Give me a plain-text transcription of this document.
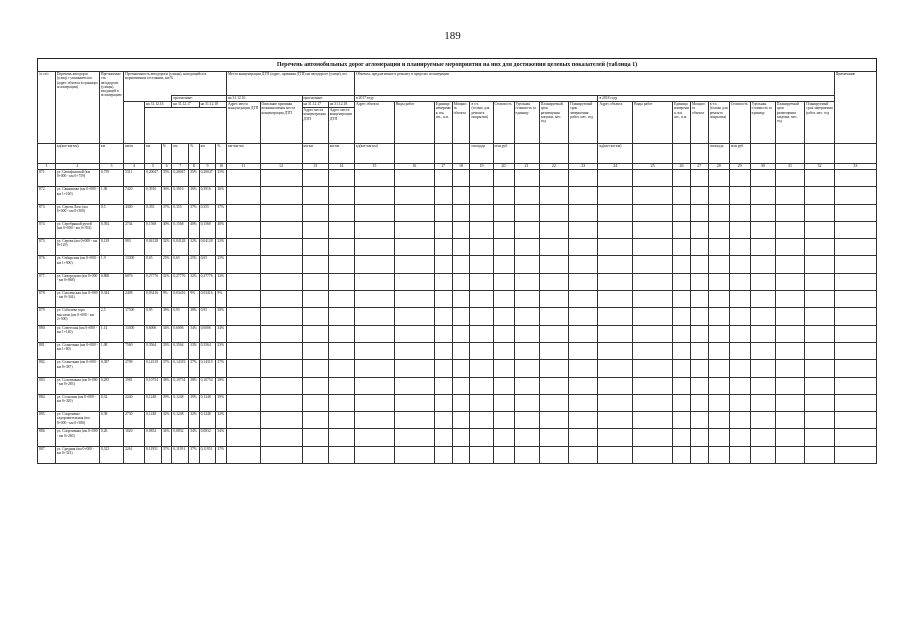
189
Перечень автомобильных дорог агломерации и планируемые мероприятия на них для достижения целевых показателей (таблица 1)
№ п/п	Перечень автодорог (улиц) с указанием км (адрес объекта в границах агломерации)	Протяженность автодороги (улицы), входящей в агломерацию	Протяженность автодороги (улицы), находящейся в нормативном состоянии, км/%							Места концентрации ДТП (адрес, причины ДТП) на автодороге (улице), шт.				Объекты, предлагаемые к ремонту в пределах агломерации																		Примечание
						прогнозные:				на 31.12.16		прогнозные:		в 2017 году									в 2018 году									
				на 31.12.16		на 31.12.17		на 31.12.18		Адрес места концентрации ДТП	Описание причины возникновения места концентрации ДТП	на 31.12.17	на 31.12.18	Адрес объекта	Виды работ	Единица измерения, км, шт., п.м.	Мощность объекта	в т.ч. (только для ремонта покрытия)	Стоимость	Удельная стоимость за единицу	Планируемый срок размещения закупки, мес. год	Планируемый срок завершения работ, мес. год	Адрес объекта	Виды работ	Единица измерения, км, шт., п.м.	Мощность объекта	в т.ч. (только для ремонта покрытия)	Стоимость	Удельная стоимость за единицу	Планируемый срок размещения закупки, мес. год	Планируемый срок завершения работ, мес. год	
												Адрес места концентрации ДТП	Адрес места концентрации ДТП																			
	кд(км+км-км)	км	км/ш	км	%	км	%	км	%	км+км-км		км-км	км-км	кд(км+км-км)				площадь	млн руб.				кд(км+км-км)				площадь	млн руб.				
1	2	3	4	5	6	7	8	9	10	11	12	13	14	15	16	17	18	19	20	21	22	23	24	25	26	27	28	29	30	31	32	33
871.	ул. Самофаловой (км 0+000 - км 0+759)	0,759	5311	0,20047	35%	0,20047	35%	0,20047	35%																							
872.	ул. Санникова (км 0+000 - км 1+160)	1,06	7420	0,3916	36%	0,3916	36%	0,3916	36%																							
873.	ул. Сергея Лазо (км 0+000 - км 0+500)	0,5	4300	0,355	37%	0,355	37%	0,355	37%																							
874.	ул. Серебряный ручей (км 0+000 - км 0+392)	0,392	2744	0,1568	40%	0,1568	40%	0,1568	40%																							
875.	ул. Серова (км 0+000 - км 0+129)	0,129	903	0,04128	32%	0,04128	32%	0,04128	32%																							
876.	ул. Сибирская (км 0+000 - км 1+900)	1,9	13300	0,65	25%	0,65	25%	0,65	25%																							
877.	ул. Сквородова (км 0+000 - км 0+868)	0,868	6076	0,27776	32%	0,27776	32%	0,27776	32%																							
878.	ул. Смоленская (км 0+000 - км 0+344)	0,344	2408	0,03416	9%	0,03416	9%	0,03416	9%																							
879.	ул. Соболева гора высохли (км 0+000 - км 2+500)	2,5	17500	0,95	38%	0,95	38%	0,95	38%																							
880.	ул. Советская (км 0+000 - км 1+140)	1,14	13300	0,6006	34%	0,6006	34%	0,6006	34%																							
881.	ул. Солнечная (км 0+000 - км 1+80)	1,08	7560	0,3564	33%	0,3564	33%	0,3564	33%																							
882.	ул. Солнечная (км 0+000 - км 0+387)	0,387	2709	0,14319	37%	0,14319	37%	0,14319	37%																							
883.	ул. Соловьиная (км 0+000 - км 0+283)	0,283	1981	0,10754	38%	0,10754	38%	0,10754	38%																							
884.	ул. Сосновая (км 0+000 - км 0+320)	0,32	2240	0,1248	39%	0,1248	39%	0,1248	39%																							
885.	ул. Спортивно-оздоровительная (км 0+000 - км 0+380)	0,38	2730	0,1248	32%	0,1248	32%	0,1248	32%																							
886.	ул. Спортивная (км 0+000 - км 0+260)	0,26	1820	0,0832	34%	0,0832	34%	0,0832	34%																							
887.	ул. Средняя (км 0+000 - км 0+323)	0,323	2261	0,11951	37%	0,11951	37%	0,11951	37%																							
